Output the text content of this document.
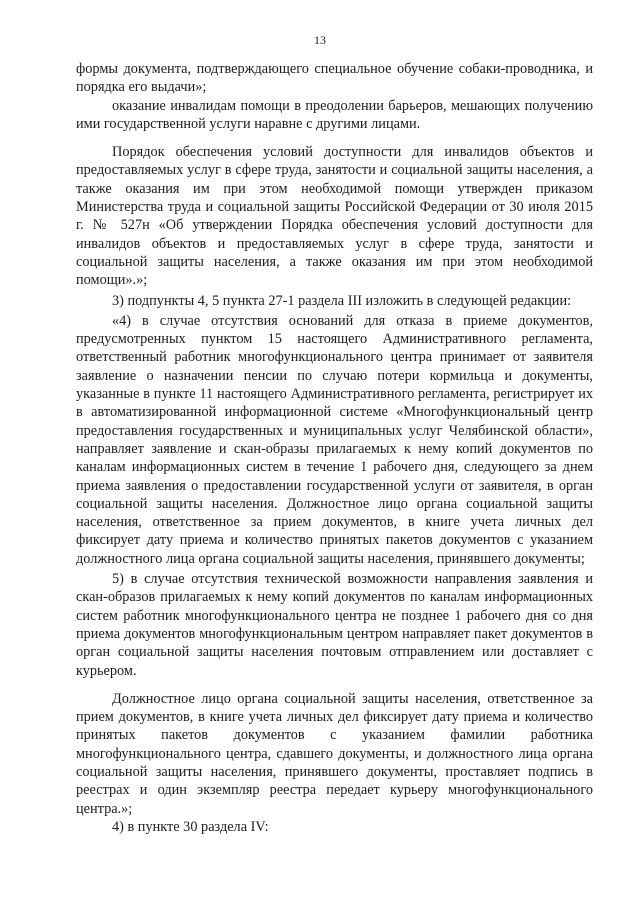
13

формы документа, подтверждающего специальное обучение собаки-проводника, и порядка его выдачи»;

оказание инвалидам помощи в преодолении барьеров, мешающих получению ими государственной услуги наравне с другими лицами.

Порядок обеспечения условий доступности для инвалидов объектов и предоставляемых услуг в сфере труда, занятости и социальной защиты населения, а также оказания им при этом необходимой помощи утвержден приказом Министерства труда и социальной защиты Российской Федерации от 30 июля 2015 г. № 527н «Об утверждении Порядка обеспечения условий доступности для инвалидов объектов и предоставляемых услуг в сфере труда, занятости и социальной защиты населения, а также оказания им при этом необходимой помощи».»;

3) подпункты 4, 5 пункта 27-1 раздела III изложить в следующей редакции:

«4) в случае отсутствия оснований для отказа в приеме документов, предусмотренных пунктом 15 настоящего Административного регламента, ответственный работник многофункционального центра принимает от заявителя заявление о назначении пенсии по случаю потери кормильца и документы, указанные в пункте 11 настоящего Административного регламента, регистрирует их в автоматизированной информационной системе «Многофункциональный центр предоставления государственных и муниципальных услуг Челябинской области», направляет заявление и скан-образы прилагаемых к нему копий документов по каналам информационных систем в течение 1 рабочего дня, следующего за днем приема заявления о предоставлении государственной услуги от заявителя, в орган социальной защиты населения. Должностное лицо органа социальной защиты населения, ответственное за прием документов, в книге учета личных дел фиксирует дату приема и количество принятых пакетов документов с указанием должностного лица органа социальной защиты населения, принявшего документы;

5) в случае отсутствия технической возможности направления заявления и скан-образов прилагаемых к нему копий документов по каналам информационных систем работник многофункционального центра не позднее 1 рабочего дня со дня приема документов многофункциональным центром направляет пакет документов в орган социальной защиты населения почтовым отправлением или доставляет с курьером.

Должностное лицо органа социальной защиты населения, ответственное за прием документов, в книге учета личных дел фиксирует дату приема и количество принятых пакетов документов с указанием фамилии работника многофункционального центра, сдавшего документы, и должностного лица органа социальной защиты населения, принявшего документы, проставляет подпись в реестрах и один экземпляр реестра передает курьеру многофункционального центра.»;

4) в пункте 30 раздела IV:
